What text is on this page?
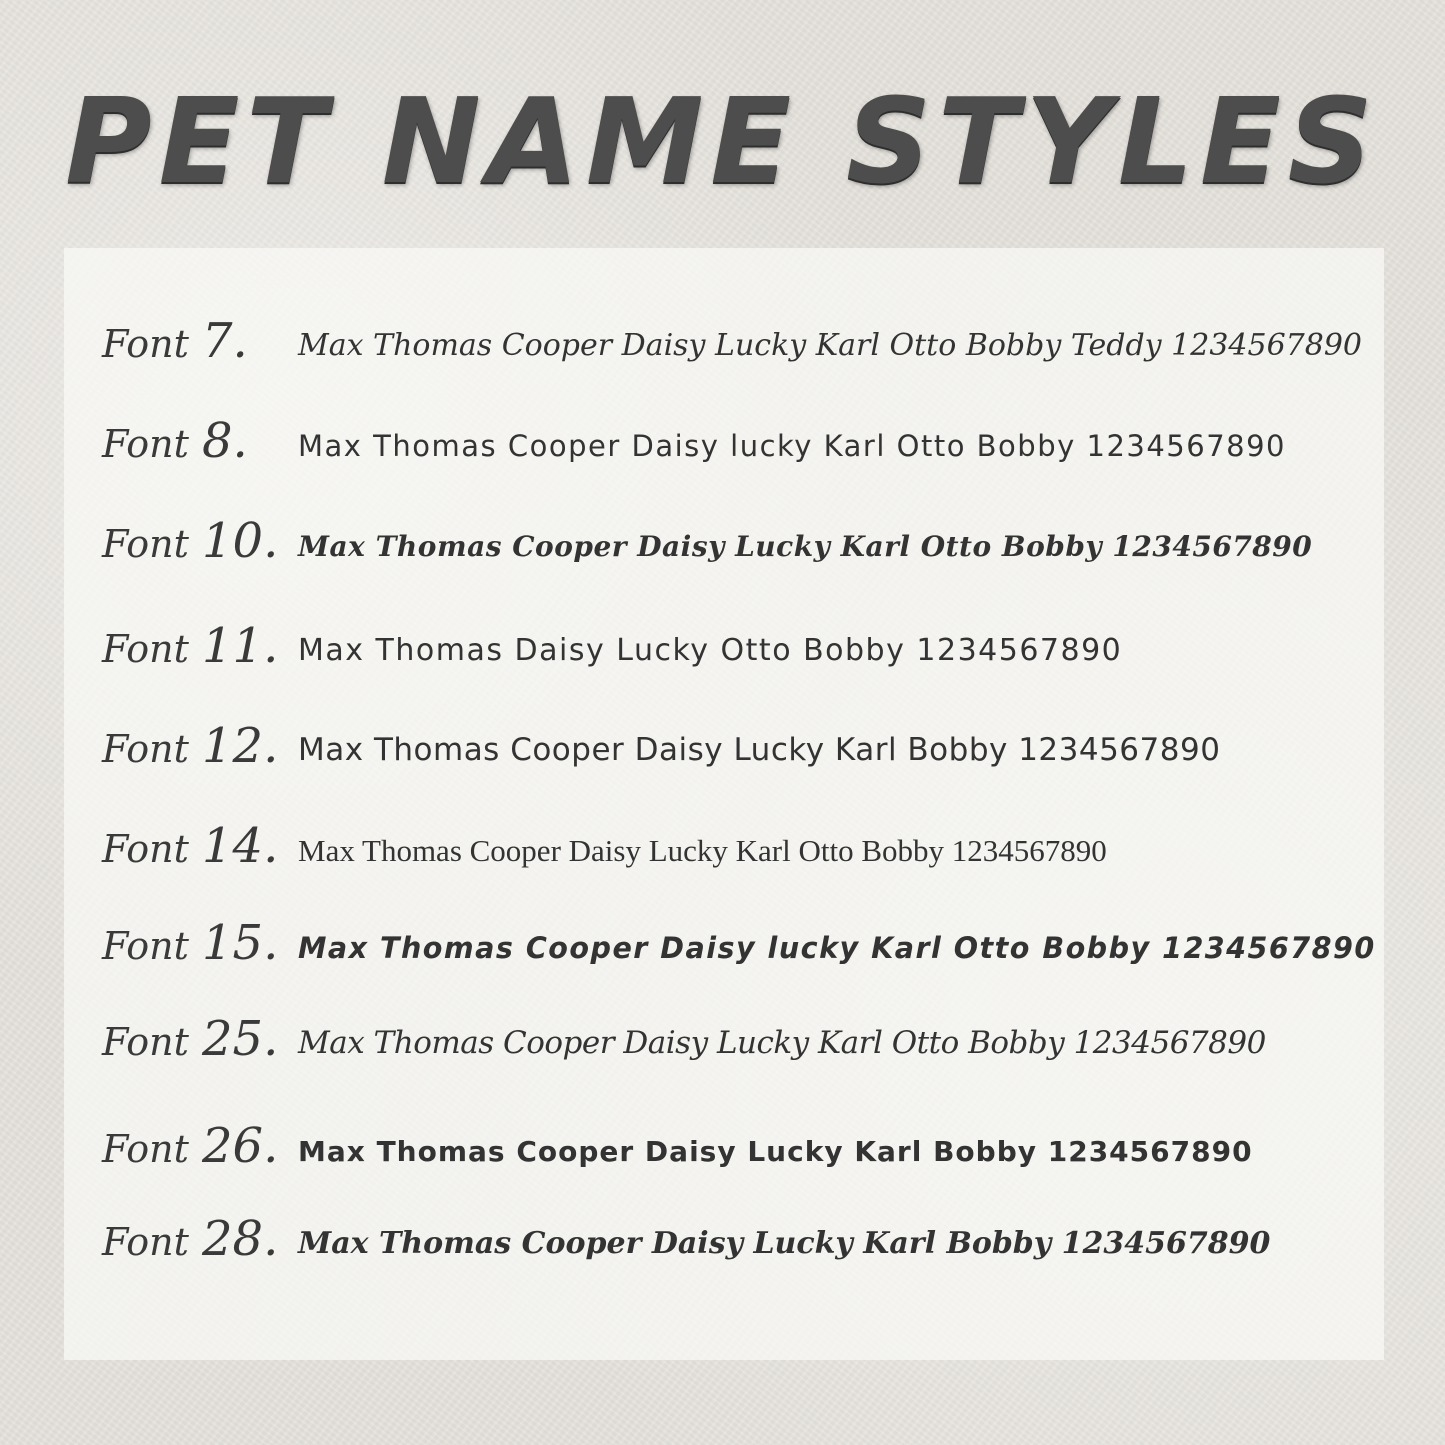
PET NAME STYLES
Font 7. Max Thomas Cooper Daisy Lucky Karl Otto Bobby Teddy 1234567890
Font 8. Max Thomas Cooper Daisy lucky Karl Otto Bobby 1234567890
Font 10. Max Thomas Cooper Daisy Lucky Karl Otto Bobby 1234567890
Font 11. Max Thomas Daisy Lucky Otto Bobby 1234567890
Font 12. Max Thomas Cooper Daisy Lucky Karl Bobby 1234567890
Font 14. Max Thomas Cooper Daisy Lucky Karl Otto Bobby 1234567890
Font 15. Max Thomas Cooper Daisy lucky Karl Otto Bobby 1234567890
Font 25. Max Thomas Cooper Daisy Lucky Karl Otto Bobby 1234567890
Font 26. Max Thomas Cooper Daisy Lucky Karl Bobby 1234567890
Font 28. Max Thomas Cooper Daisy Lucky Karl Bobby 1234567890
